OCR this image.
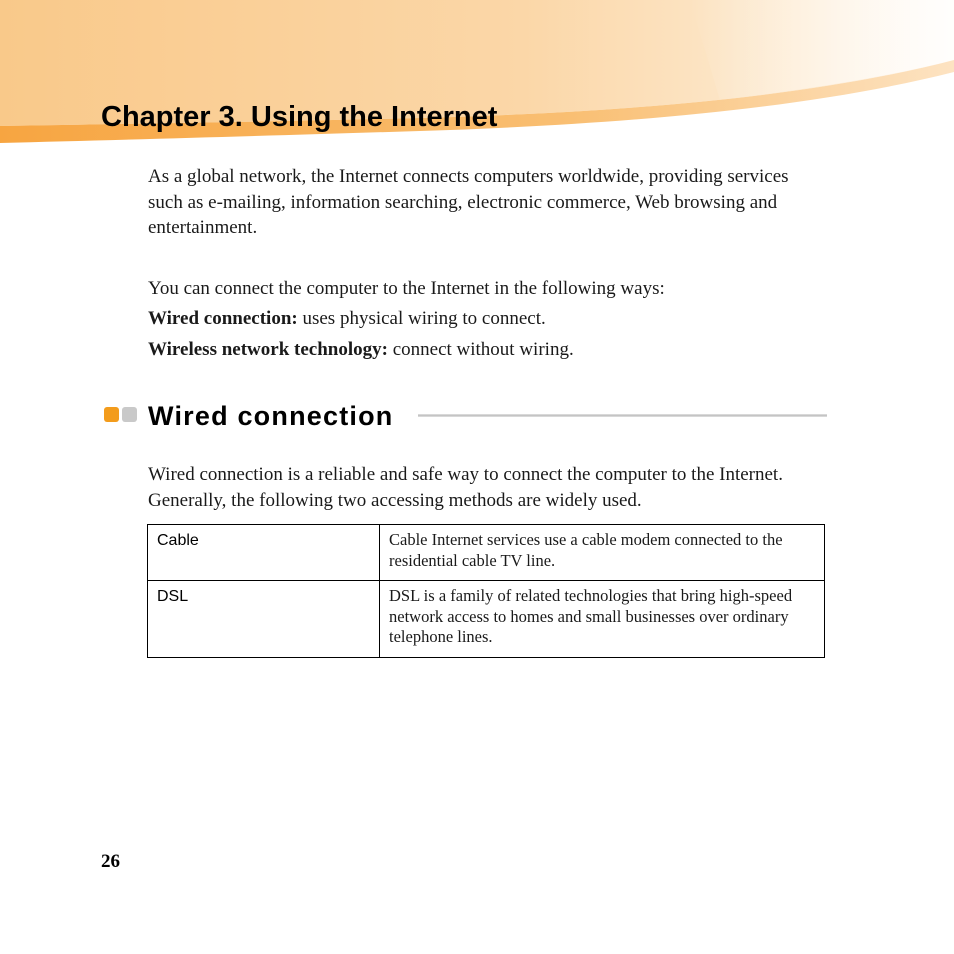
Chapter 3. Using the Internet

As a global network, the Internet connects computers worldwide, providing services such as e-mailing, information searching, electronic commerce, Web browsing and entertainment.

You can connect the computer to the Internet in the following ways:

Wired connection: uses physical wiring to connect.

Wireless network technology: connect without wiring.

Wired connection

Wired connection is a reliable and safe way to connect the computer to the Internet. Generally, the following two accessing methods are widely used.

Cable	Cable Internet services use a cable modem connected to the residential cable TV line.
DSL	DSL is a family of related technologies that bring high-speed network access to homes and small businesses over ordinary telephone lines.
26
